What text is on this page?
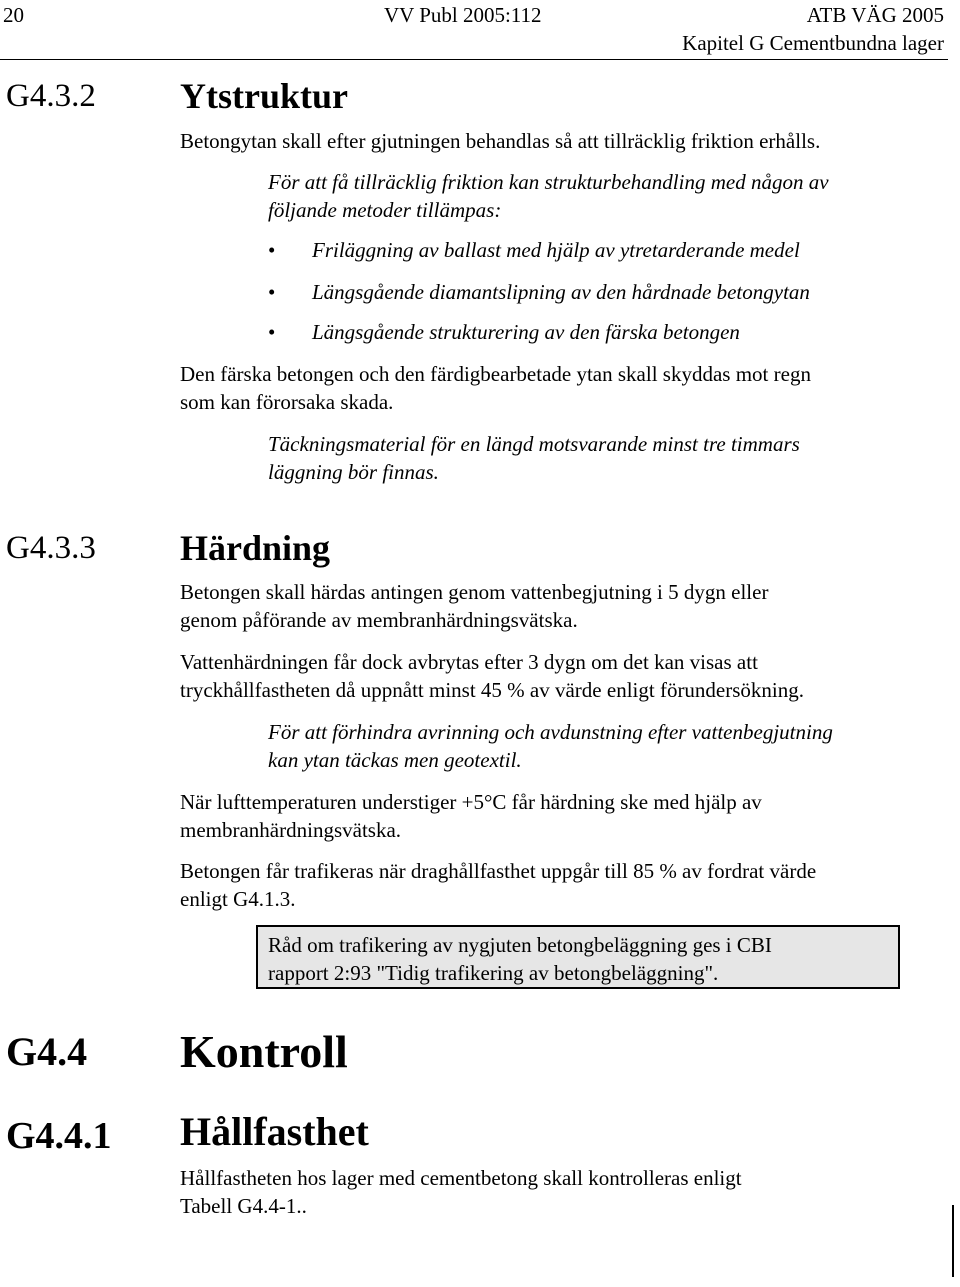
20	VV Publ 2005:112	ATB VÄG 2005
Kapitel G Cementbundna lager
G4.3.2 Ytstruktur

Betongytan skall efter gjutningen behandlas så att tillräcklig friktion erhålls.

För att få tillräcklig friktion kan strukturbehandling med någon av

följande metoder tillämpas:

• Friläggning av ballast med hjälp av ytretarderande medel
• Längsgående diamantslipning av den hårdnade betongytan
• Längsgående strukturering av den färska betongen

Den färska betongen och den färdigbearbetade ytan skall skyddas mot regn

som kan förorsaka skada.

Täckningsmaterial för en längd motsvarande minst tre timmars

läggning bör finnas.

G4.3.3 Härdning

Betongen skall härdas antingen genom vattenbegjutning i 5 dygn eller

genom påförande av membranhärdningsvätska.

Vattenhärdningen får dock avbrytas efter 3 dygn om det kan visas att

tryckhållfastheten då uppnått minst 45 % av värde enligt förundersökning.

För att förhindra avrinning och avdunstning efter vattenbegjutning

kan ytan täckas men geotextil.

När lufttemperaturen understiger +5°C får härdning ske med hjälp av

membranhärdningsvätska.

Betongen får trafikeras när draghållfasthet uppgår till 85 % av fordrat värde

enligt G4.1.3.

Råd om trafikering av nygjuten betongbeläggning ges i CBI

rapport 2:93 "Tidig trafikering av betongbeläggning".

G4.4 Kontroll
G4.4.1 Hållfasthet

Hållfastheten hos lager med cementbetong skall kontrolleras enligt

Tabell G4.4-1..
